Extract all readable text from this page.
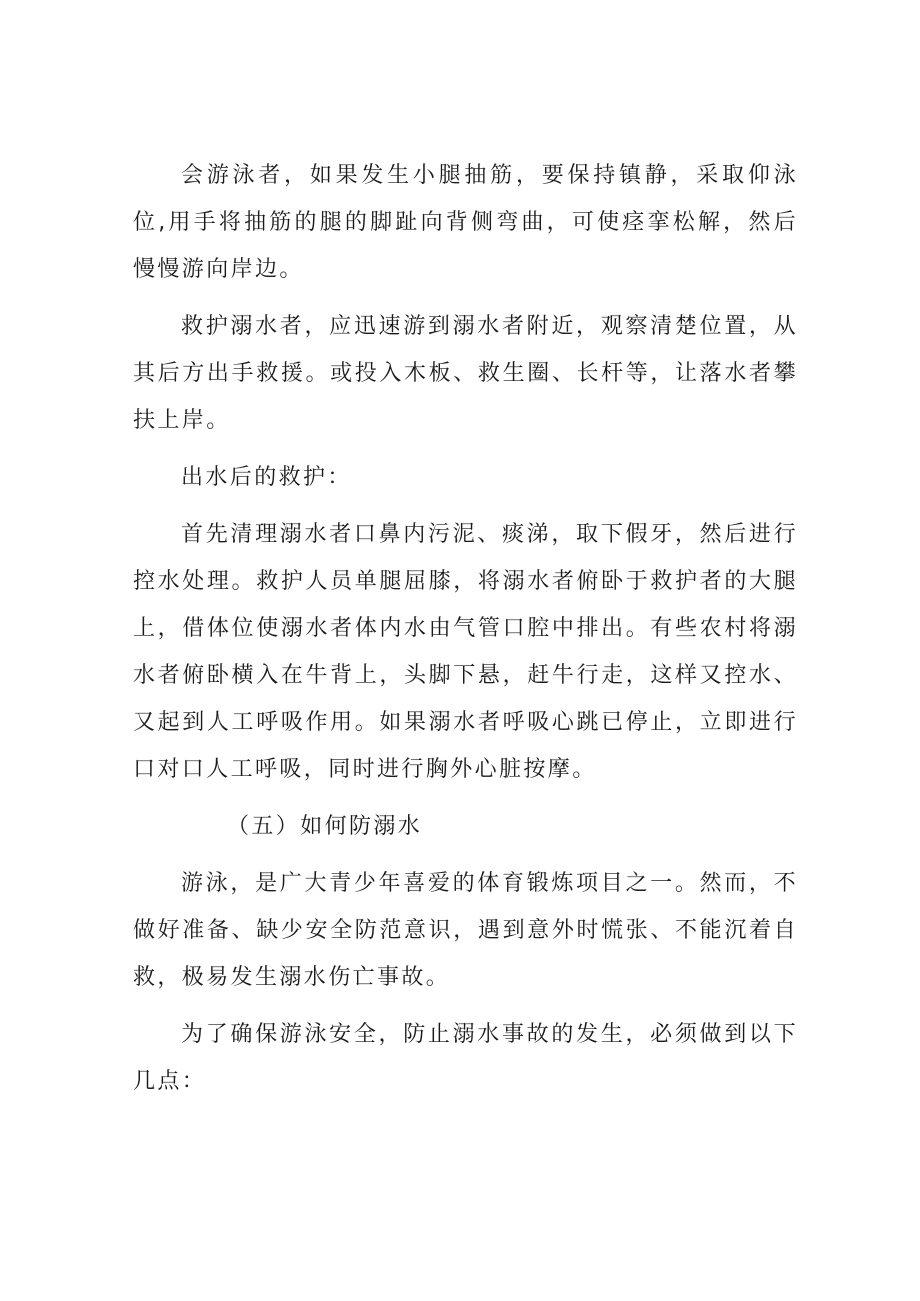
会游泳者，如果发生小腿抽筋，要保持镇静，采取仰泳位,用手将抽筋的腿的脚趾向背侧弯曲，可使痉挛松解，然后慢慢游向岸边。

救护溺水者，应迅速游到溺水者附近，观察清楚位置，从其后方出手救援。或投入木板、救生圈、长杆等，让落水者攀扶上岸。

出水后的救护：

首先清理溺水者口鼻内污泥、痰涕，取下假牙，然后进行控水处理。救护人员单腿屈膝，将溺水者俯卧于救护者的大腿上，借体位使溺水者体内水由气管口腔中排出。有些农村将溺水者俯卧横入在牛背上，头脚下悬，赶牛行走，这样又控水、又起到人工呼吸作用。如果溺水者呼吸心跳已停止，立即进行口对口人工呼吸，同时进行胸外心脏按摩。

（五）如何防溺水

游泳，是广大青少年喜爱的体育锻炼项目之一。然而，不做好准备、缺少安全防范意识，遇到意外时慌张、不能沉着自救，极易发生溺水伤亡事故。

为了确保游泳安全，防止溺水事故的发生，必须做到以下几点：
